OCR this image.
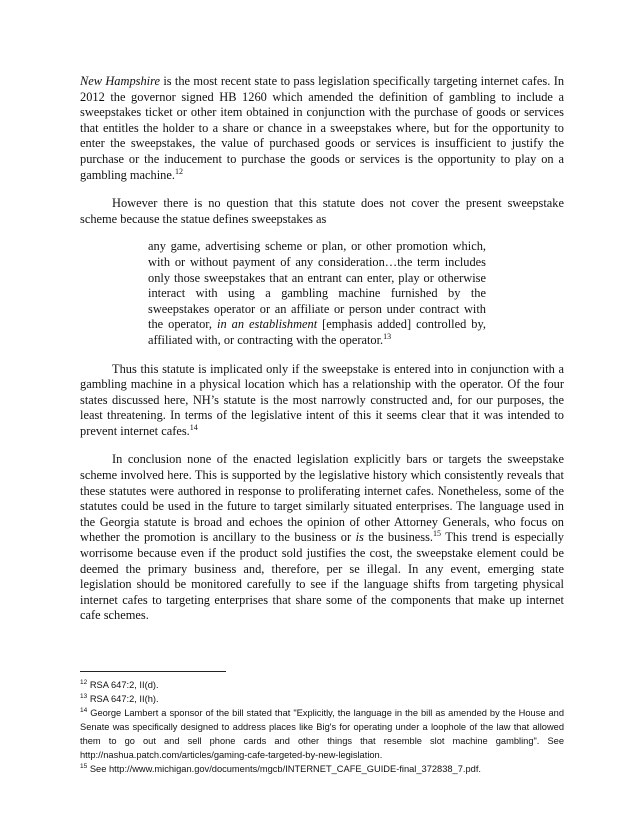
New Hampshire is the most recent state to pass legislation specifically targeting internet cafes. In 2012 the governor signed HB 1260 which amended the definition of gambling to include a sweepstakes ticket or other item obtained in conjunction with the purchase of goods or services that entitles the holder to a share or chance in a sweepstakes where, but for the opportunity to enter the sweepstakes, the value of purchased goods or services is insufficient to justify the purchase or the inducement to purchase the goods or services is the opportunity to play on a gambling machine.$^{12}$

However there is no question that this statute does not cover the present sweepstake scheme because the statue defines sweepstakes as

any game, advertising scheme or plan, or other promotion which, with or without payment of any consideration…the term includes only those sweepstakes that an entrant can enter, play or otherwise interact with using a gambling machine furnished by the sweepstakes operator or an affiliate or person under contract with the operator, in an establishment [emphasis added] controlled by, affiliated with, or contracting with the operator.$^{13}$

Thus this statute is implicated only if the sweepstake is entered into in conjunction with a gambling machine in a physical location which has a relationship with the operator. Of the four states discussed here, NH’s statute is the most narrowly constructed and, for our purposes, the least threatening. In terms of the legislative intent of this it seems clear that it was intended to prevent internet cafes.$^{14}$

In conclusion none of the enacted legislation explicitly bars or targets the sweepstake scheme involved here. This is supported by the legislative history which consistently reveals that these statutes were authored in response to proliferating internet cafes. Nonetheless, some of the statutes could be used in the future to target similarly situated enterprises. The language used in the Georgia statute is broad and echoes the opinion of other Attorney Generals, who focus on whether the promotion is ancillary to the business or is the business.$^{15}$ This trend is especially worrisome because even if the product sold justifies the cost, the sweepstake element could be deemed the primary business and, therefore, per se illegal. In any event, emerging state legislation should be monitored carefully to see if the language shifts from targeting physical internet cafes to targeting enterprises that share some of the components that make up internet cafe schemes.

$^{12}$ RSA 647:2, II(d).

$^{13}$ RSA 647:2, II(h).

$^{14}$ George Lambert a sponsor of the bill stated that "Explicitly, the language in the bill as amended by the House and Senate was specifically designed to address places like Big's for operating under a loophole of the law that allowed them to go out and sell phone cards and other things that resemble slot machine gambling". See http://nashua.patch.com/articles/gaming-cafe-targeted-by-new-legislation.

$^{15}$ See http://www.michigan.gov/documents/mgcb/INTERNET_CAFE_GUIDE-final_372838_7.pdf.
